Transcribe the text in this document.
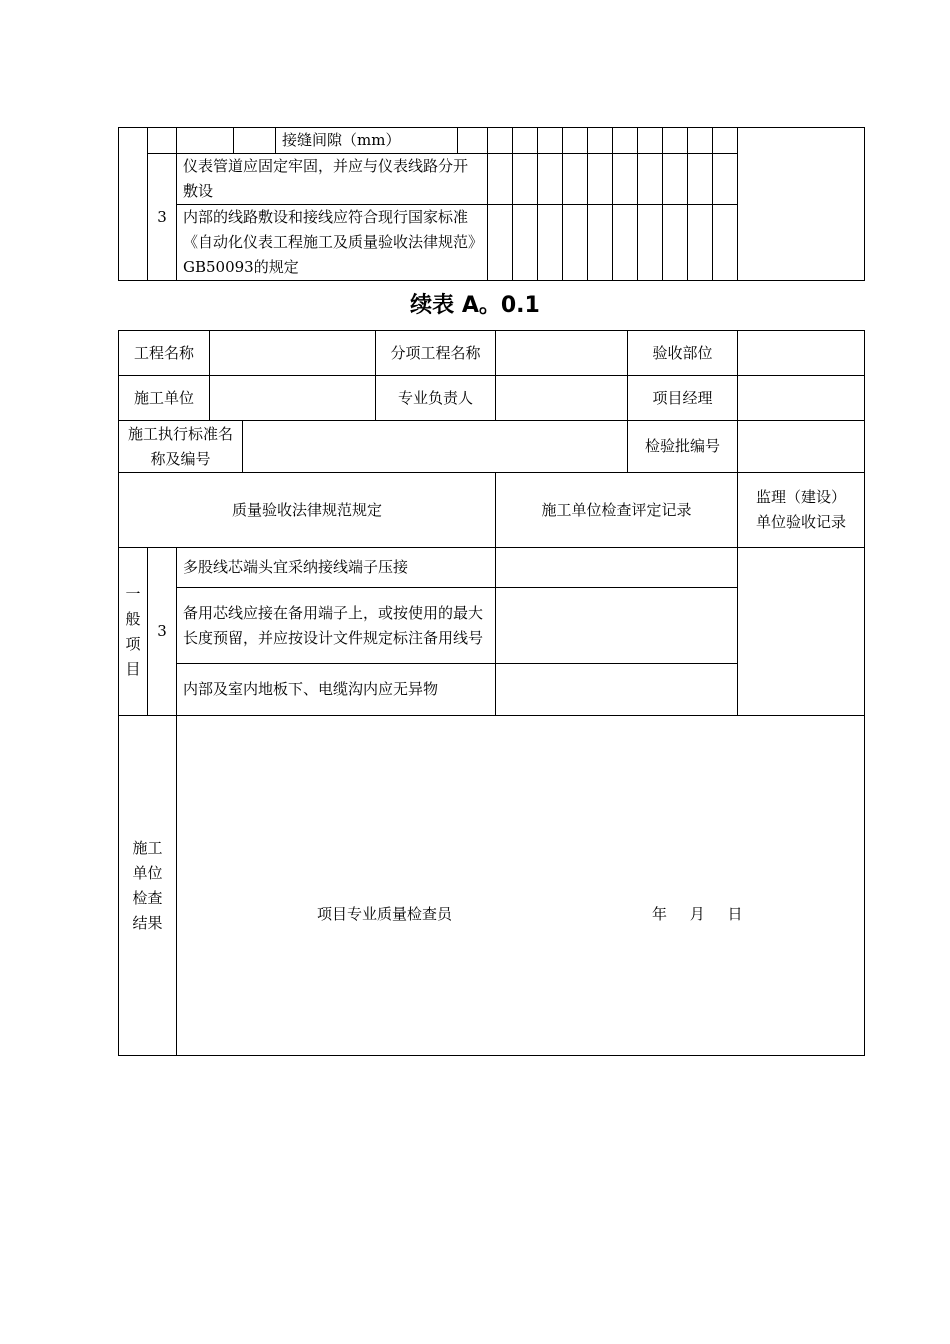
				接缝间隙（mm）													
	3	仪表管道应固定牢固，并应与仪表线路分开敷设															
		内部的线路敷设和接线应符合现行国家标准《自动化仪表工程施工及质量验收法律规范》GB50093的规定															
续表 A。0.1
工程名称					分项工程名称		验收部位	
施工单位					专业负责人		项目经理	
施工执行标准名称及编号							检验批编号	
质量验收法律规范规定						施工单位检查评定记录		监理（建设）单位验收记录
一般项目	3	多股线芯端头宜采纳接线端子压接						
		备用芯线应接在备用端子上，或按使用的最大长度预留，并应按设计文件规定标注备用线号						
		内部及室内地板下、电缆沟内应无异物						
施工单位检查结果		项目专业质量检查员 年 月 日						
